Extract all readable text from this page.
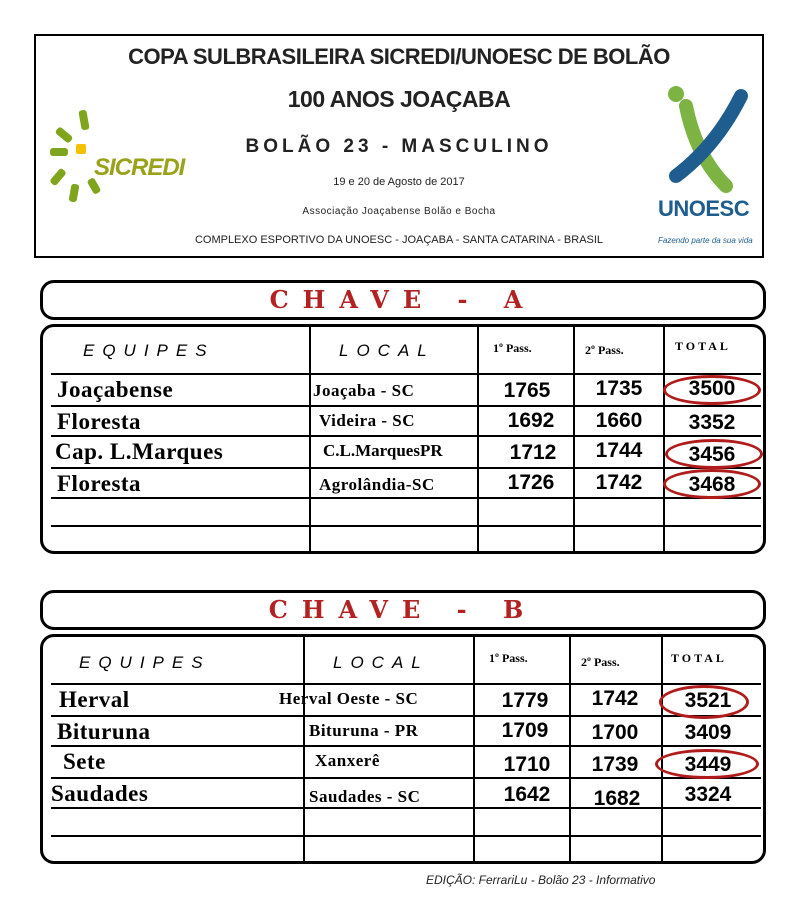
COPA SULBRASILEIRA SICREDI/UNOESC DE BOLÃO
100 ANOS JOAÇABA
BOLÃO 23 - MASCULINO
19 e 20 de Agosto de 2017
Associação Joaçabense Bolão e Bocha
COMPLEXO ESPORTIVO DA UNOESC - JOAÇABA - SANTA CATARINA - BRASIL
SICREDI
UNOESC
Fazendo parte da sua vida
CHAVE - A
EQUIPES	LOCAL	1º Pass.	2º Pass.	TOTAL
Joaçabense	Joaçaba - SC	1765	1735	3500
Floresta	Videira - SC	1692	1660	3352
Cap. L.Marques	C.L.MarquesPR	1712	1744	3456
Floresta	Agrolândia-SC	1726	1742	3468
CHAVE - B
EQUIPES	LOCAL	1º Pass.	2º Pass.	TOTAL
Herval	Herval Oeste - SC	1779	1742	3521
Bituruna	Bituruna - PR	1709	1700	3409
Sete	Xanxerê	1710	1739	3449
Saudades	Saudades - SC	1642	1682	3324
EDIÇÃO: FerrariLu - Bolão 23 - Informativo
